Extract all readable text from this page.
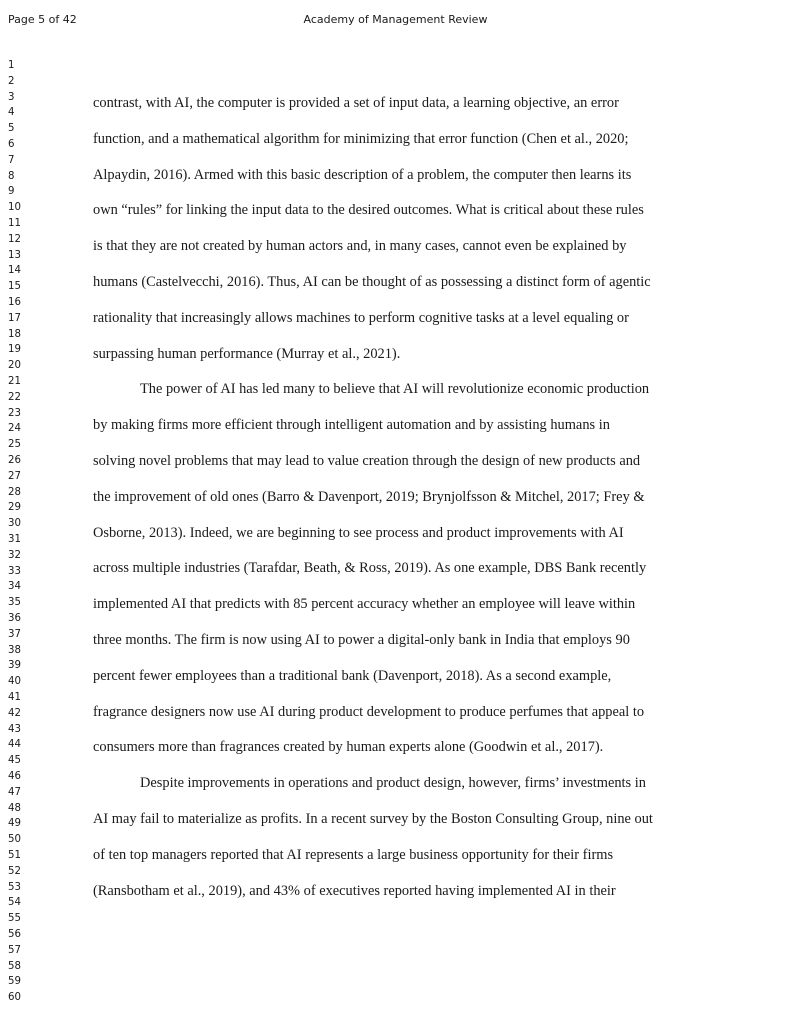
Page 5 of 42	Academy of Management Review
1
2
3
4
5
6
7
8
9
10
11
12
13
14
15
16
17
18
19
20
21
22
23
24
25
26
27
28
29
30
31
32
33
34
35
36
37
38
39
40
41
42
43
44
45
46
47
48
49
50
51
52
53
54
55
56
57
58
59
60
contrast, with AI, the computer is provided a set of input data, a learning objective, an error
function, and a mathematical algorithm for minimizing that error function (Chen et al., 2020;
Alpaydin, 2016). Armed with this basic description of a problem, the computer then learns its
own “rules” for linking the input data to the desired outcomes. What is critical about these rules
is that they are not created by human actors and, in many cases, cannot even be explained by
humans (Castelvecchi, 2016). Thus, AI can be thought of as possessing a distinct form of agentic
rationality that increasingly allows machines to perform cognitive tasks at a level equaling or
surpassing human performance (Murray et al., 2021).
The power of AI has led many to believe that AI will revolutionize economic production
by making firms more efficient through intelligent automation and by assisting humans in
solving novel problems that may lead to value creation through the design of new products and
the improvement of old ones (Barro & Davenport, 2019; Brynjolfsson & Mitchel, 2017; Frey &
Osborne, 2013). Indeed, we are beginning to see process and product improvements with AI
across multiple industries (Tarafdar, Beath, & Ross, 2019). As one example, DBS Bank recently
implemented AI that predicts with 85 percent accuracy whether an employee will leave within
three months. The firm is now using AI to power a digital-only bank in India that employs 90
percent fewer employees than a traditional bank (Davenport, 2018). As a second example,
fragrance designers now use AI during product development to produce perfumes that appeal to
consumers more than fragrances created by human experts alone (Goodwin et al., 2017).
Despite improvements in operations and product design, however, firms’ investments in
AI may fail to materialize as profits. In a recent survey by the Boston Consulting Group, nine out
of ten top managers reported that AI represents a large business opportunity for their firms
(Ransbotham et al., 2019), and 43% of executives reported having implemented AI in their
